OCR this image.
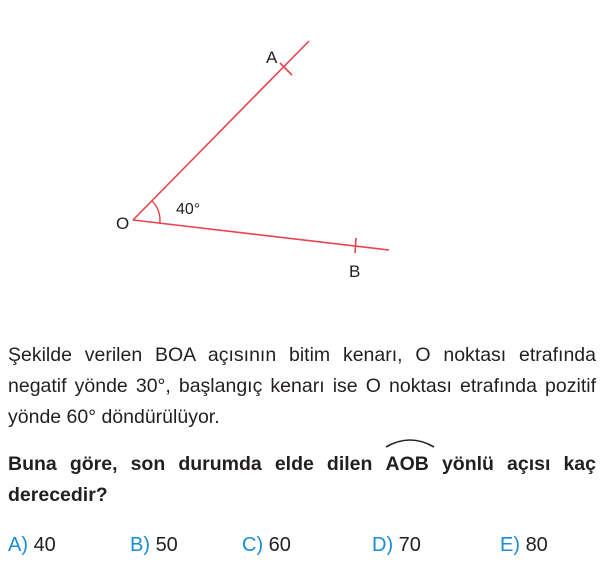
A
O
B
40°
Şekilde verilen BOA açısının bitim kenarı, O noktası etrafında negatif yönde 30°, başlangıç kenarı ise O noktası etrafında pozitif yönde 60° döndürülüyor.
Buna göre, son durumda elde dilen
AOB yönlü açısı kaç derecedir?
A) 40	B) 50	C) 60	D) 70	E) 80
